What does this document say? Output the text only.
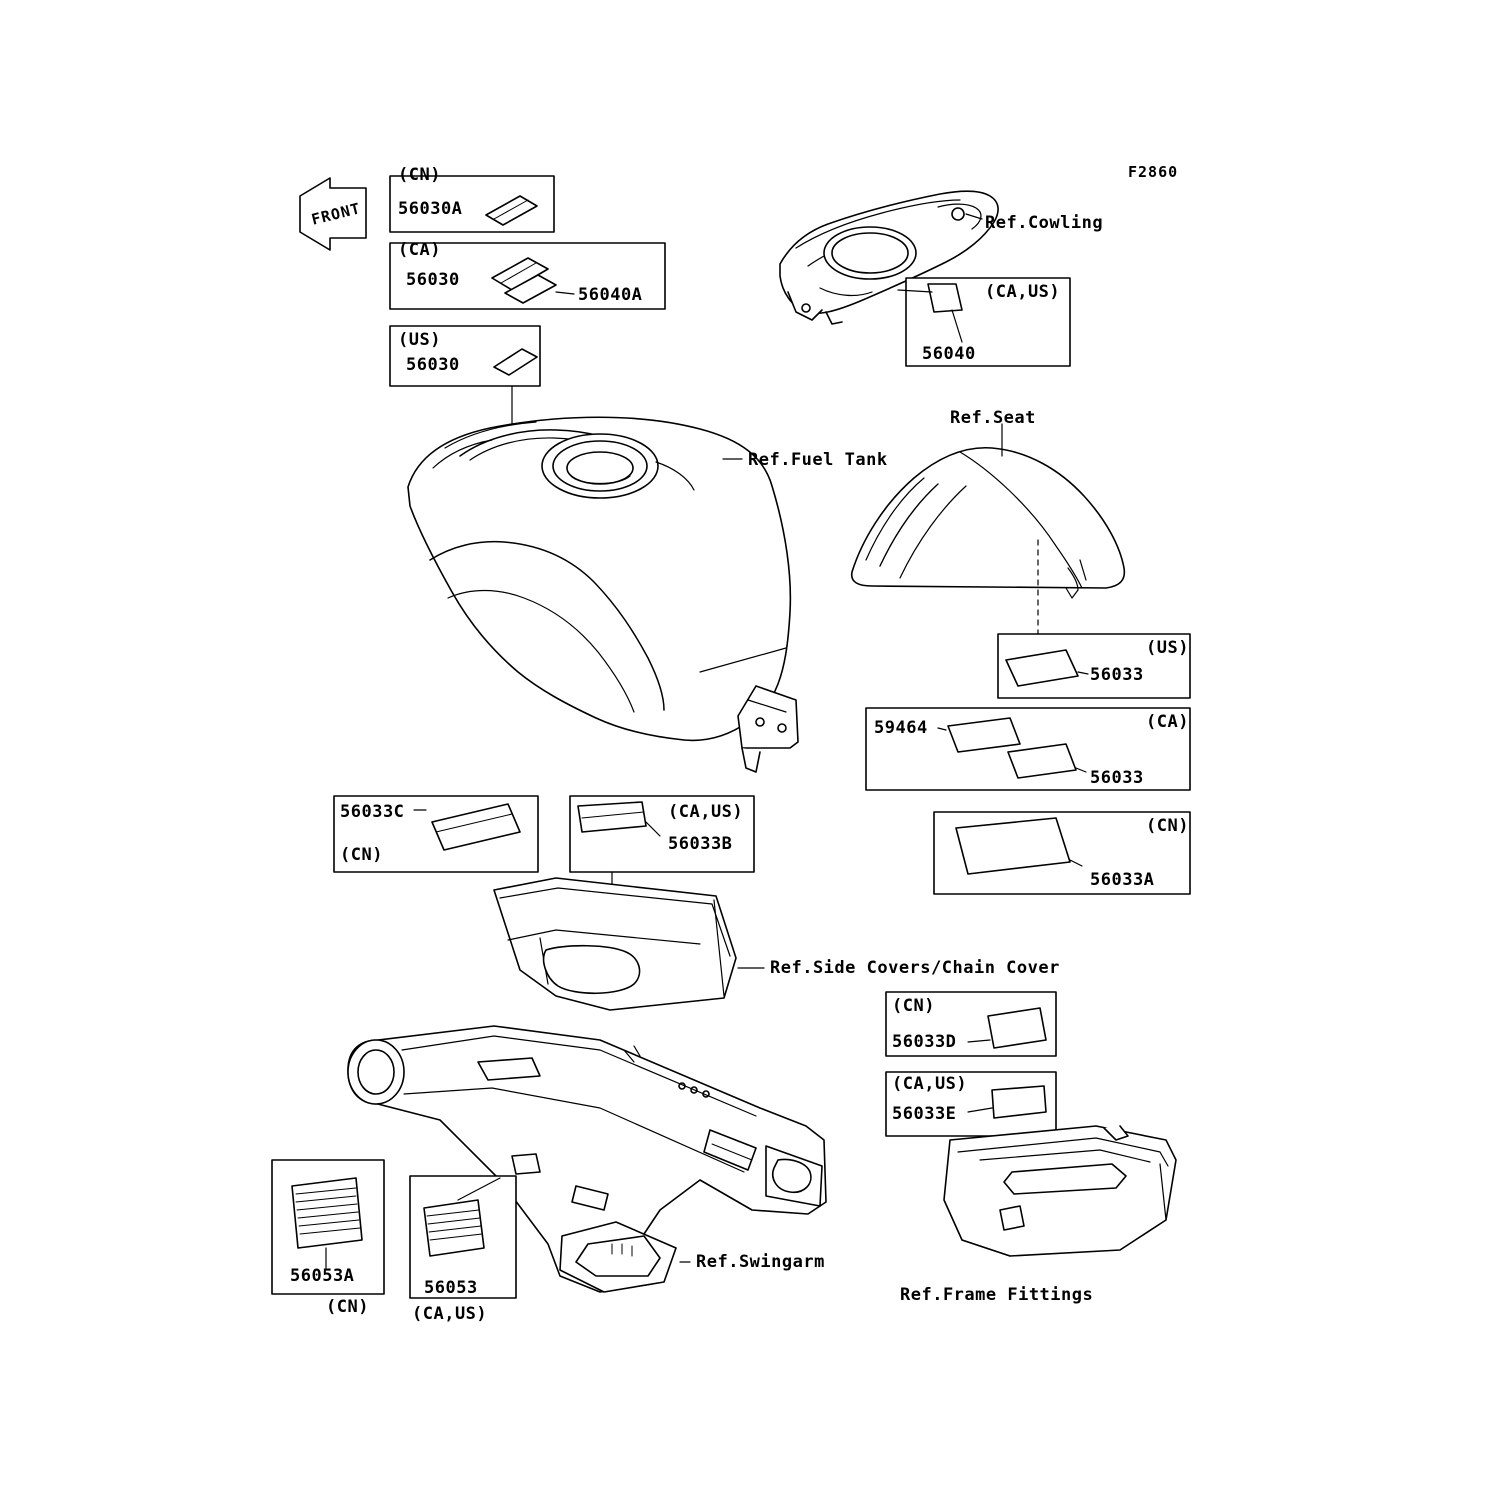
FRONT
F2860
(CN)
56030A
(CA)
56030
56040A
(US)
56030
Ref.Cowling
(CA,US)
56040
Ref.Fuel Tank
Ref.Seat
(US)
56033
(CA)
59464
56033
(CN)
56033A
56033C
(CN)
(CA,US)
56033B
Ref.Side Covers/Chain Cover
(CN)
56033D
(CA,US)
56033E
Ref.Swingarm
Ref.Frame Fittings
56053A
(CN)
56053
(CA,US)
